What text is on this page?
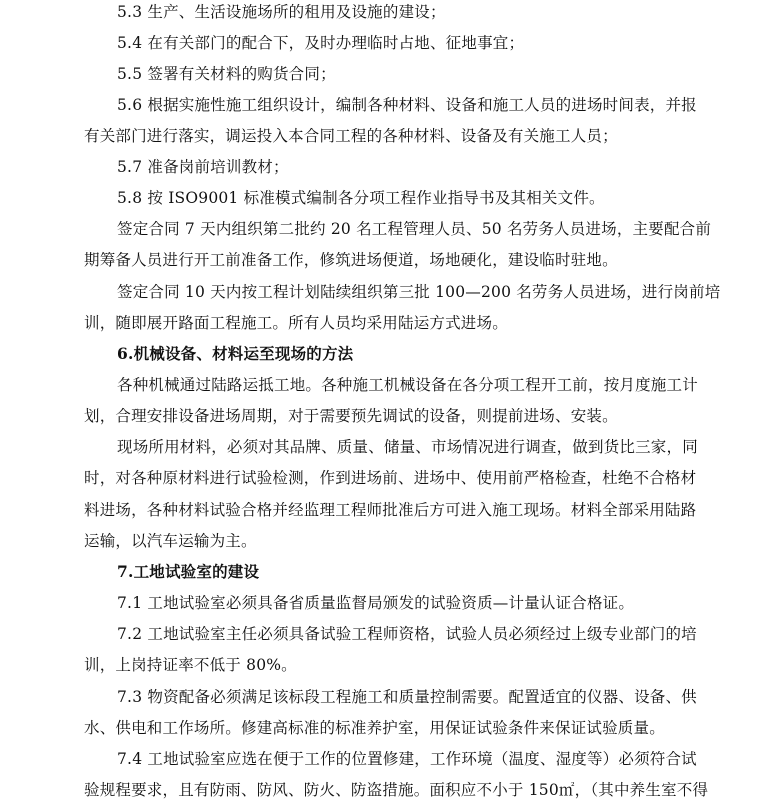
5.3 生产、生活设施场所的租用及设施的建设；
5.4 在有关部门的配合下，及时办理临时占地、征地事宜；
5.5 签署有关材料的购货合同；
5.6 根据实施性施工组织设计，编制各种材料、设备和施工人员的进场时间表，并报
有关部门进行落实，调运投入本合同工程的各种材料、设备及有关施工人员；
5.7 准备岗前培训教材；
5.8 按 ISO9001 标准模式编制各分项工程作业指导书及其相关文件。
签定合同 7 天内组织第二批约 20 名工程管理人员、50 名劳务人员进场，主要配合前
期筹备人员进行开工前准备工作，修筑进场便道，场地硬化，建设临时驻地。
签定合同 10 天内按工程计划陆续组织第三批 100—200 名劳务人员进场，进行岗前培
训，随即展开路面工程施工。所有人员均采用陆运方式进场。
6.机械设备、材料运至现场的方法
各种机械通过陆路运抵工地。各种施工机械设备在各分项工程开工前，按月度施工计
划，合理安排设备进场周期，对于需要预先调试的设备，则提前进场、安装。
现场所用材料，必须对其品牌、质量、储量、市场情况进行调查，做到货比三家，同
时，对各种原材料进行试验检测，作到进场前、进场中、使用前严格检查，杜绝不合格材
料进场，各种材料试验合格并经监理工程师批准后方可进入施工现场。材料全部采用陆路
运输，以汽车运输为主。
7.工地试验室的建设
7.1 工地试验室必须具备省质量监督局颁发的试验资质—计量认证合格证。
7.2 工地试验室主任必须具备试验工程师资格，试验人员必须经过上级专业部门的培
训，上岗持证率不低于 80%。
7.3 物资配备必须满足该标段工程施工和质量控制需要。配置适宜的仪器、设备、供
水、供电和工作场所。修建高标准的标准养护室，用保证试验条件来保证试验质量。
7.4 工地试验室应选在便于工作的位置修建，工作环境（温度、湿度等）必须符合试
验规程要求，且有防雨、防风、防火、防盗措施。面积应不小于 150㎡，（其中养生室不得
